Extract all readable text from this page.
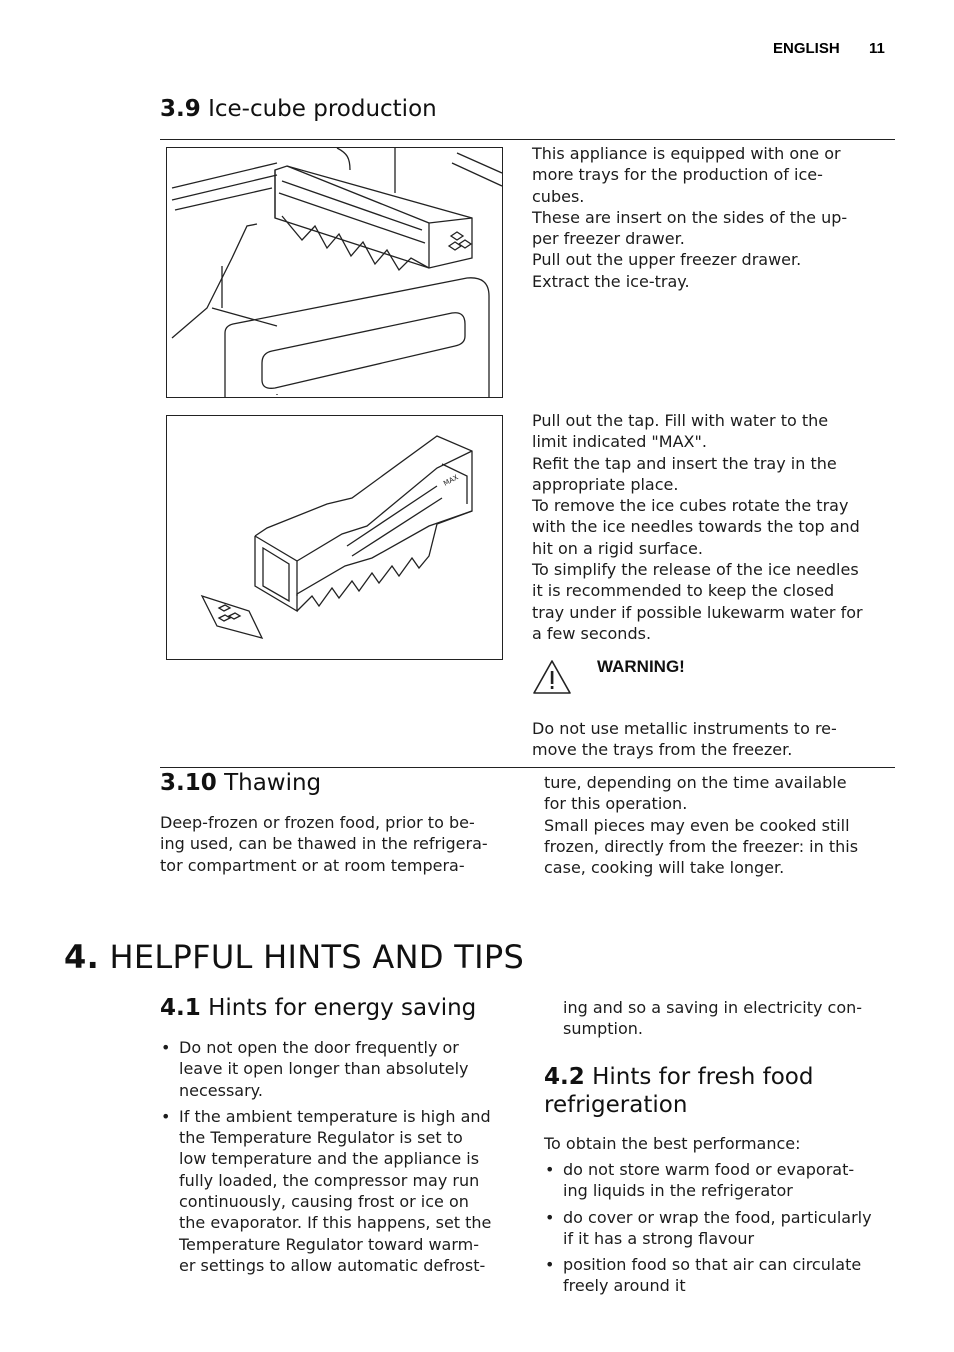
ENGLISH 11
3.9 Ice-cube production
This appliance is equipped with one or
more trays for the production of ice-
cubes.
These are insert on the sides of the up-
per freezer drawer.
Pull out the upper freezer drawer.
Extract the ice-tray.
MAX
Pull out the tap. Fill with water to the
limit indicated "MAX".
Refit the tap and insert the tray in the
appropriate place.
To remove the ice cubes rotate the tray
with the ice needles towards the top and
hit on a rigid surface.
To simplify the release of the ice needles
it is recommended to keep the closed
tray under if possible lukewarm water for
a few seconds.
WARNING!
Do not use metallic instruments to re-
move the trays from the freezer.
3.10 Thawing
Deep-frozen or frozen food, prior to be-
ing used, can be thawed in the refrigera-
tor compartment or at room tempera-
ture, depending on the time available
for this operation.
Small pieces may even be cooked still
frozen, directly from the freezer: in this
case, cooking will take longer.
4. HELPFUL HINTS AND TIPS
4.1 Hints for energy saving
• Do not open the door frequently or
leave it open longer than absolutely
necessary.
• If the ambient temperature is high and
the Temperature Regulator is set to
low temperature and the appliance is
fully loaded, the compressor may run
continuously, causing frost or ice on
the evaporator. If this happens, set the
Temperature Regulator toward warm-
er settings to allow automatic defrost-
ing and so a saving in electricity con-
sumption.
4.2 Hints for fresh food
refrigeration
To obtain the best performance:
• do not store warm food or evaporat-
ing liquids in the refrigerator
• do cover or wrap the food, particularly
if it has a strong flavour
• position food so that air can circulate
freely around it
